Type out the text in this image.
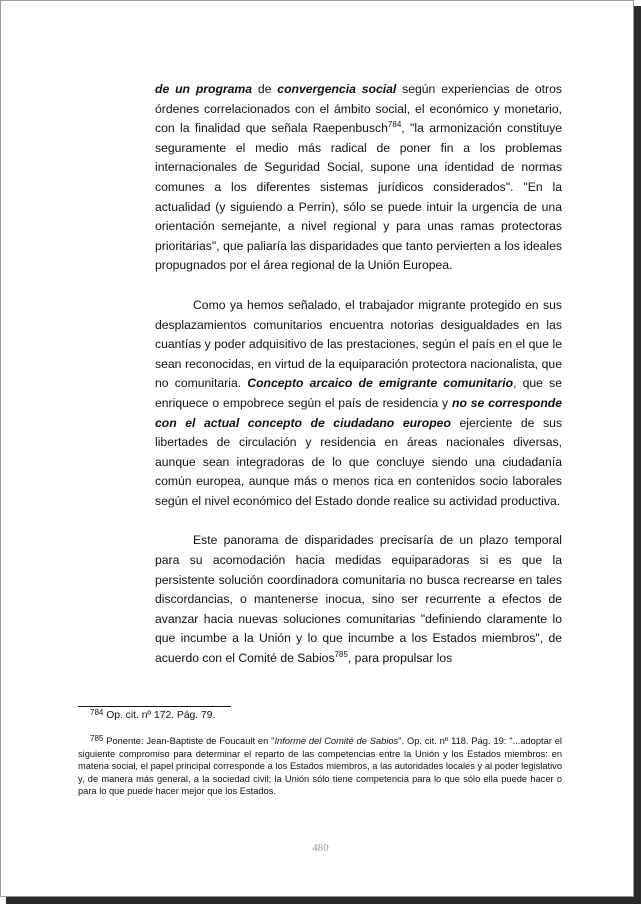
de un programa de convergencia social según experiencias de otros órdenes correlacionados con el ámbito social, el económico y monetario, con la finalidad que señala Raepenbusch$^{784}$, "la armonización constituye seguramente el medio más radical de poner fin a los problemas internacionales de Seguridad Social, supone una identidad de normas comunes a los diferentes sistemas jurídicos considerados". "En la actualidad (y siguiendo a Perrin), sólo se puede intuir la urgencia de una orientación semejante, a nivel regional y para unas ramas protectoras prioritarias", que paliaría las disparidades que tanto pervierten a los ideales propugnados por el área regional de la Unión Europea.

Como ya hemos señalado, el trabajador migrante protegido en sus desplazamientos comunitarios encuentra notorias desigualdades en las cuantías y poder adquisitivo de las prestaciones, según el país en el que le sean reconocidas, en virtud de la equiparación protectora nacionalista, que no comunitaria. Concepto arcaico de emigrante comunitario, que se enriquece o empobrece según el país de residencia y no se corresponde con el actual concepto de ciudadano europeo ejerciente de sus libertades de circulación y residencia en áreas nacionales diversas, aunque sean integradoras de lo que concluye siendo una ciudadanía común europea, aunque más o menos rica en contenidos socio laborales según el nivel económico del Estado donde realice su actividad productiva.

Este panorama de disparidades precisaría de un plazo temporal para su acomodación hacia medidas equiparadoras si es que la persistente solución coordinadora comunitaria no busca recrearse en tales discordancias, o mantenerse inocua, sino ser recurrente a efectos de avanzar hacia nuevas soluciones comunitarias "definiendo claramente lo que incumbe a la Unión y lo que incumbe a los Estados miembros", de acuerdo con el Comité de Sabios$^{785}$, para propulsar los

$^{784}$ Op. cit. nº 172. Pág. 79.

$^{785}$ Ponente: Jean-Baptiste de Foucault en "Informe del Comité de Sabios". Op. cit. nº 118. Pág. 19: "...adoptar el siguiente compromiso para determinar el reparto de las competencias entre la Unión y los Estados miembros: en materia social, el papel principal corresponde a los Estados miembros, a las autoridades locales y al poder legislativo y, de manera más general, a la sociedad civil; la Unión sólo tiene competencia para lo que sólo ella puede hacer o para lo que puede hacer mejor que los Estados.

480
